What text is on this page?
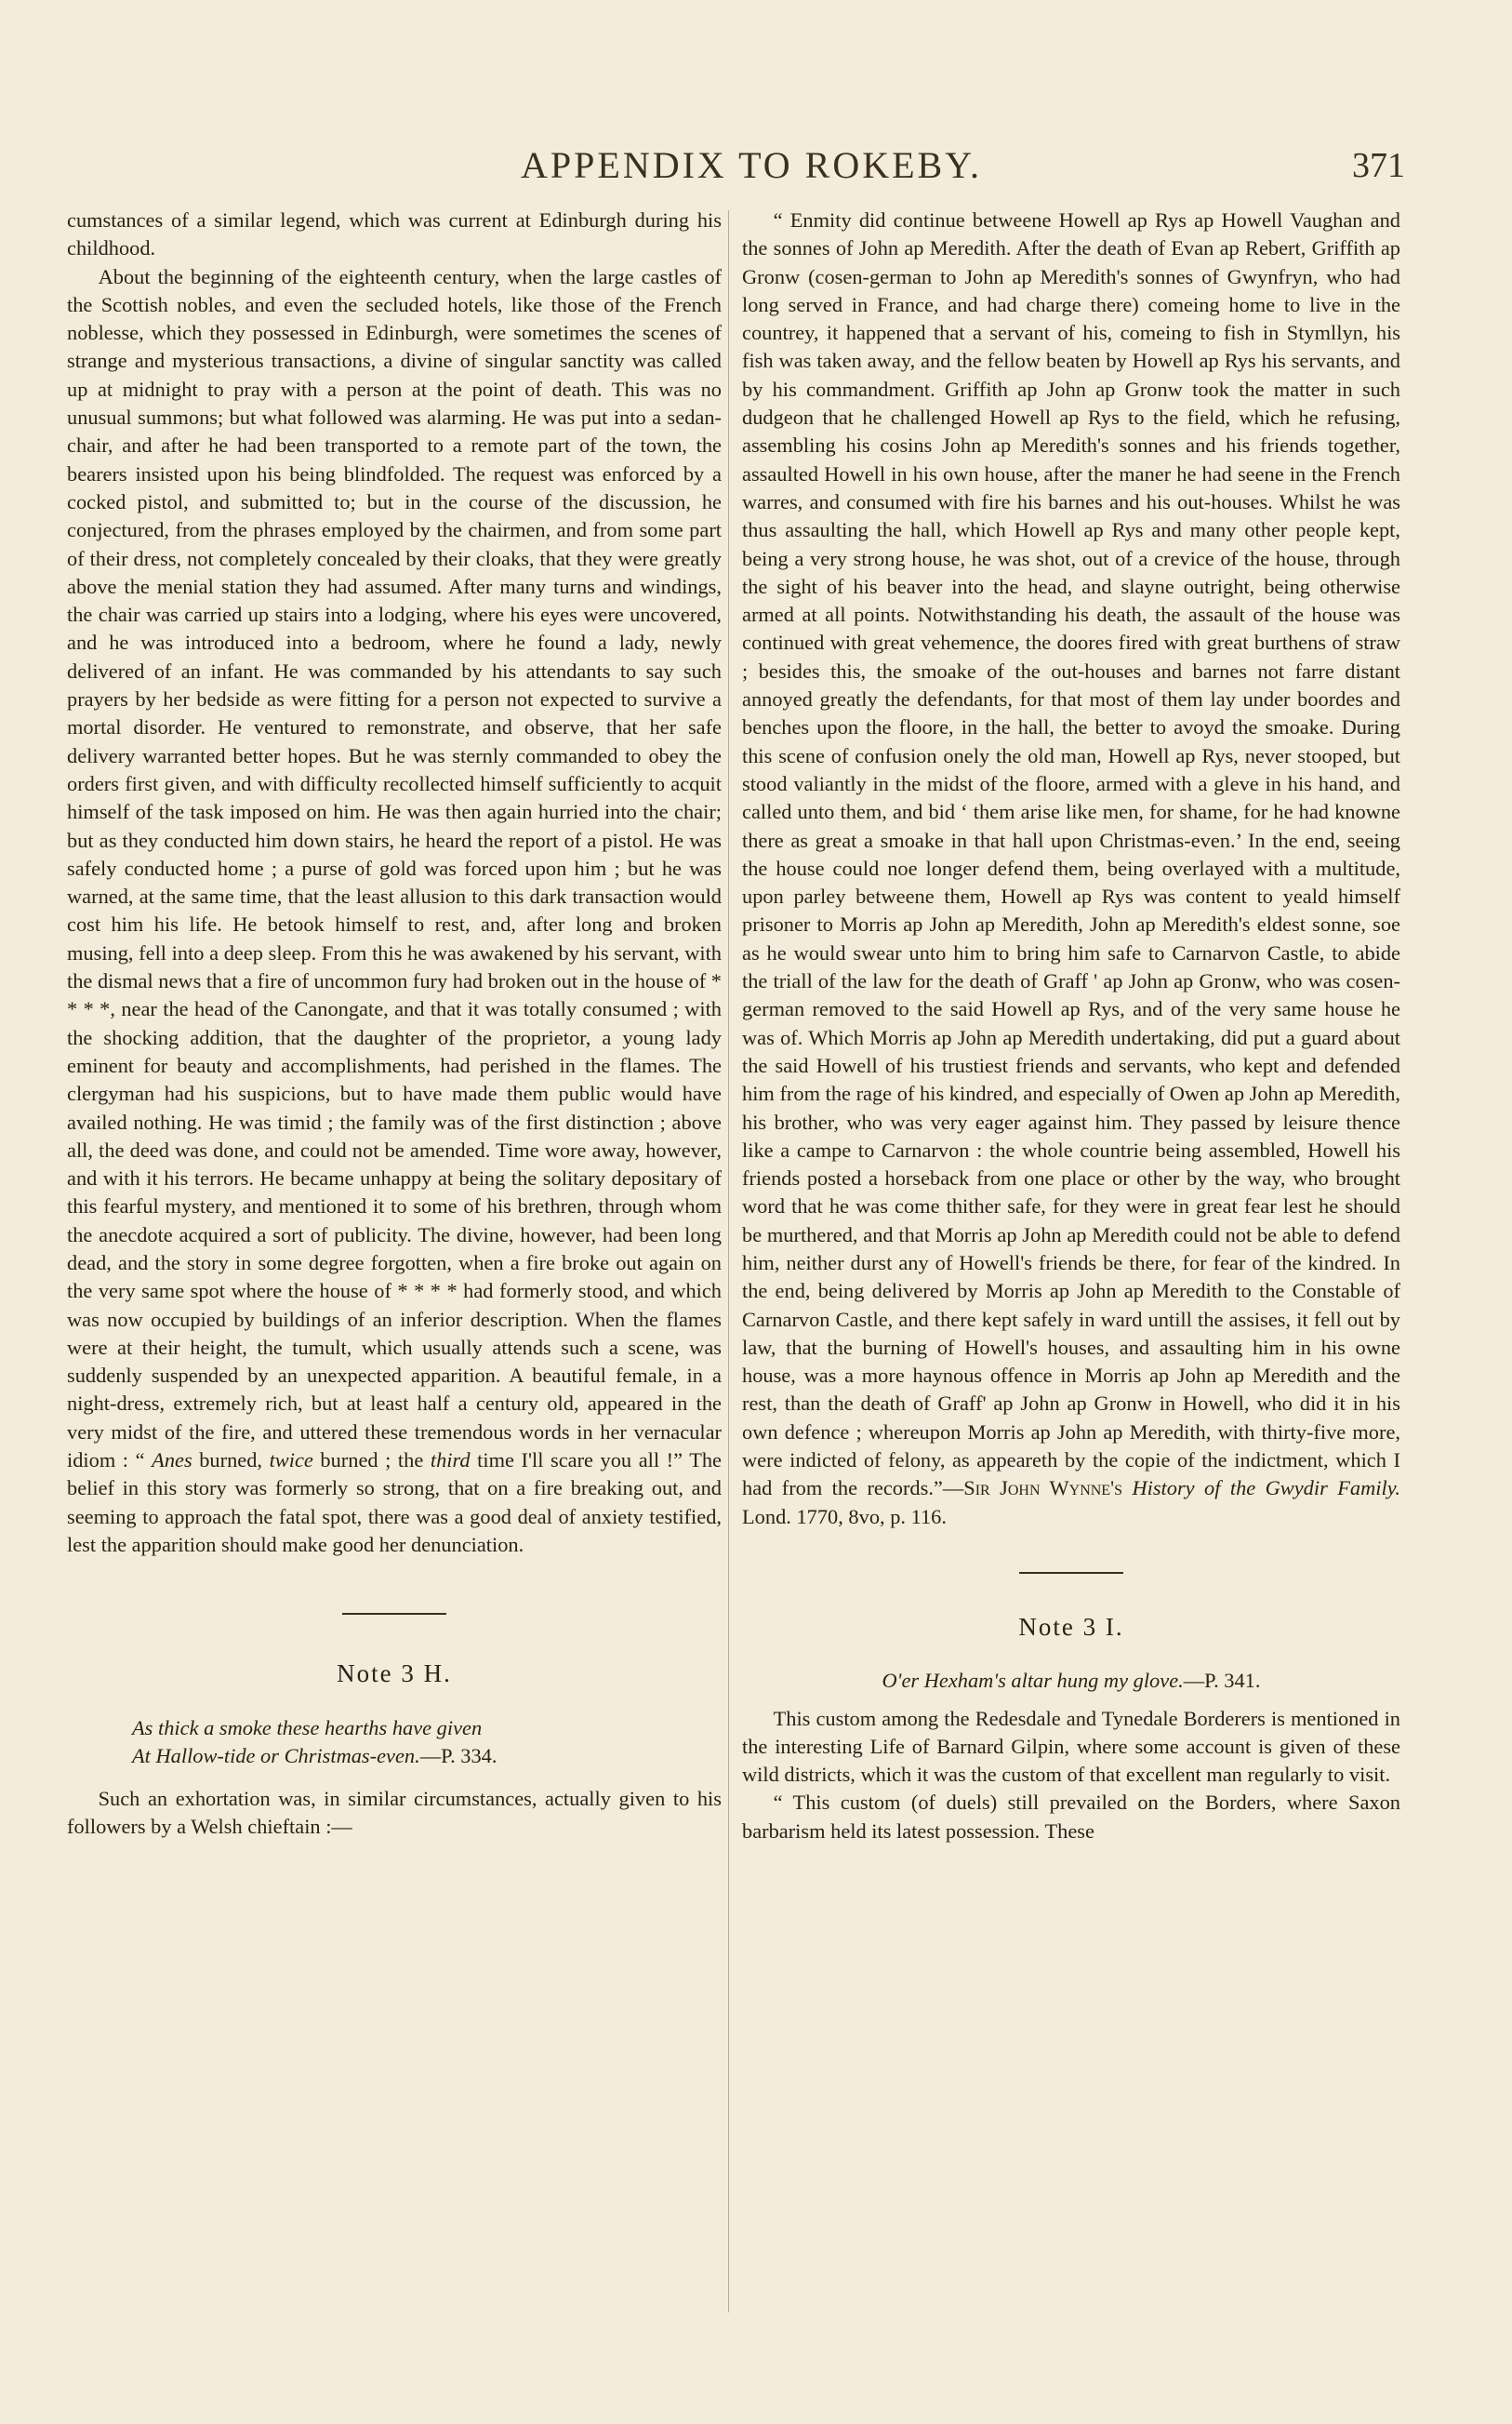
APPENDIX TO ROKEBY.	371

cumstances of a similar legend, which was current at Edinburgh during his childhood.

About the beginning of the eighteenth century, when the large castles of the Scottish nobles, and even the secluded hotels, like those of the French noblesse, which they possessed in Edinburgh, were sometimes the scenes of strange and mysterious transactions, a divine of singular sanctity was called up at midnight to pray with a person at the point of death. This was no unusual summons; but what followed was alarming. He was put into a sedan-chair, and after he had been transported to a remote part of the town, the bearers insisted upon his being blindfolded. The request was enforced by a cocked pistol, and submitted to; but in the course of the discussion, he conjectured, from the phrases employed by the chairmen, and from some part of their dress, not completely concealed by their cloaks, that they were greatly above the menial station they had assumed. After many turns and windings, the chair was carried up stairs into a lodging, where his eyes were uncovered, and he was introduced into a bedroom, where he found a lady, newly delivered of an infant. He was commanded by his attendants to say such prayers by her bedside as were fitting for a person not expected to survive a mortal disorder. He ventured to remonstrate, and observe, that her safe delivery warranted better hopes. But he was sternly commanded to obey the orders first given, and with difficulty recollected himself sufficiently to acquit himself of the task imposed on him. He was then again hurried into the chair; but as they conducted him down stairs, he heard the report of a pistol. He was safely conducted home ; a purse of gold was forced upon him ; but he was warned, at the same time, that the least allusion to this dark transaction would cost him his life. He betook himself to rest, and, after long and broken musing, fell into a deep sleep. From this he was awakened by his servant, with the dismal news that a fire of uncommon fury had broken out in the house of * * * *, near the head of the Canongate, and that it was totally consumed ; with the shocking addition, that the daughter of the proprietor, a young lady eminent for beauty and accomplishments, had perished in the flames. The clergyman had his suspicions, but to have made them public would have availed nothing. He was timid ; the family was of the first distinction ; above all, the deed was done, and could not be amended. Time wore away, however, and with it his terrors. He became unhappy at being the solitary depositary of this fearful mystery, and mentioned it to some of his brethren, through whom the anecdote acquired a sort of publicity. The divine, however, had been long dead, and the story in some degree forgotten, when a fire broke out again on the very same spot where the house of * * * * had formerly stood, and which was now occupied by buildings of an inferior description. When the flames were at their height, the tumult, which usually attends such a scene, was suddenly suspended by an unexpected apparition. A beautiful female, in a night-dress, extremely rich, but at least half a century old, appeared in the very midst of the fire, and uttered these tremendous words in her vernacular idiom : “ Anes burned, twice burned ; the third time I'll scare you all !” The belief in this story was formerly so strong, that on a fire breaking out, and seeming to approach the fatal spot, there was a good deal of anxiety testified, lest the apparition should make good her denunciation.

Note 3 H.
As thick a smoke these hearths have given
At Hallow-tide or Christmas-even.—P. 334.

Such an exhortation was, in similar circumstances, actually given to his followers by a Welsh chieftain :—

“ Enmity did continue betweene Howell ap Rys ap Howell Vaughan and the sonnes of John ap Meredith. After the death of Evan ap Rebert, Griffith ap Gronw (cosen-german to John ap Meredith's sonnes of Gwynfryn, who had long served in France, and had charge there) comeing home to live in the countrey, it happened that a servant of his, comeing to fish in Stymllyn, his fish was taken away, and the fellow beaten by Howell ap Rys his servants, and by his commandment. Griffith ap John ap Gronw took the matter in such dudgeon that he challenged Howell ap Rys to the field, which he refusing, assembling his cosins John ap Meredith's sonnes and his friends together, assaulted Howell in his own house, after the maner he had seene in the French warres, and consumed with fire his barnes and his out-houses. Whilst he was thus assaulting the hall, which Howell ap Rys and many other people kept, being a very strong house, he was shot, out of a crevice of the house, through the sight of his beaver into the head, and slayne outright, being otherwise armed at all points. Notwithstanding his death, the assault of the house was continued with great vehemence, the doores fired with great burthens of straw ; besides this, the smoake of the out-houses and barnes not farre distant annoyed greatly the defendants, for that most of them lay under boordes and benches upon the floore, in the hall, the better to avoyd the smoake. During this scene of confusion onely the old man, Howell ap Rys, never stooped, but stood valiantly in the midst of the floore, armed with a gleve in his hand, and called unto them, and bid ‘ them arise like men, for shame, for he had knowne there as great a smoake in that hall upon Christmas-even.’ In the end, seeing the house could noe longer defend them, being overlayed with a multitude, upon parley betweene them, Howell ap Rys was content to yeald himself prisoner to Morris ap John ap Meredith, John ap Meredith's eldest sonne, soe as he would swear unto him to bring him safe to Carnarvon Castle, to abide the triall of the law for the death of Graff ' ap John ap Gronw, who was cosen-german removed to the said Howell ap Rys, and of the very same house he was of. Which Morris ap John ap Meredith undertaking, did put a guard about the said Howell of his trustiest friends and servants, who kept and defended him from the rage of his kindred, and especially of Owen ap John ap Meredith, his brother, who was very eager against him. They passed by leisure thence like a campe to Carnarvon : the whole countrie being assembled, Howell his friends posted a horseback from one place or other by the way, who brought word that he was come thither safe, for they were in great fear lest he should be murthered, and that Morris ap John ap Meredith could not be able to defend him, neither durst any of Howell's friends be there, for fear of the kindred. In the end, being delivered by Morris ap John ap Meredith to the Constable of Carnarvon Castle, and there kept safely in ward untill the assises, it fell out by law, that the burning of Howell's houses, and assaulting him in his owne house, was a more haynous offence in Morris ap John ap Meredith and the rest, than the death of Graff' ap John ap Gronw in Howell, who did it in his own defence ; whereupon Morris ap John ap Meredith, with thirty-five more, were indicted of felony, as appeareth by the copie of the indictment, which I had from the records.”—Sir John Wynne's History of the Gwydir Family. Lond. 1770, 8vo, p. 116.

Note 3 I.
O'er Hexham's altar hung my glove.—P. 341.

This custom among the Redesdale and Tynedale Borderers is mentioned in the interesting Life of Barnard Gilpin, where some account is given of these wild districts, which it was the custom of that excellent man regularly to visit.

“ This custom (of duels) still prevailed on the Borders, where Saxon barbarism held its latest possession. These
